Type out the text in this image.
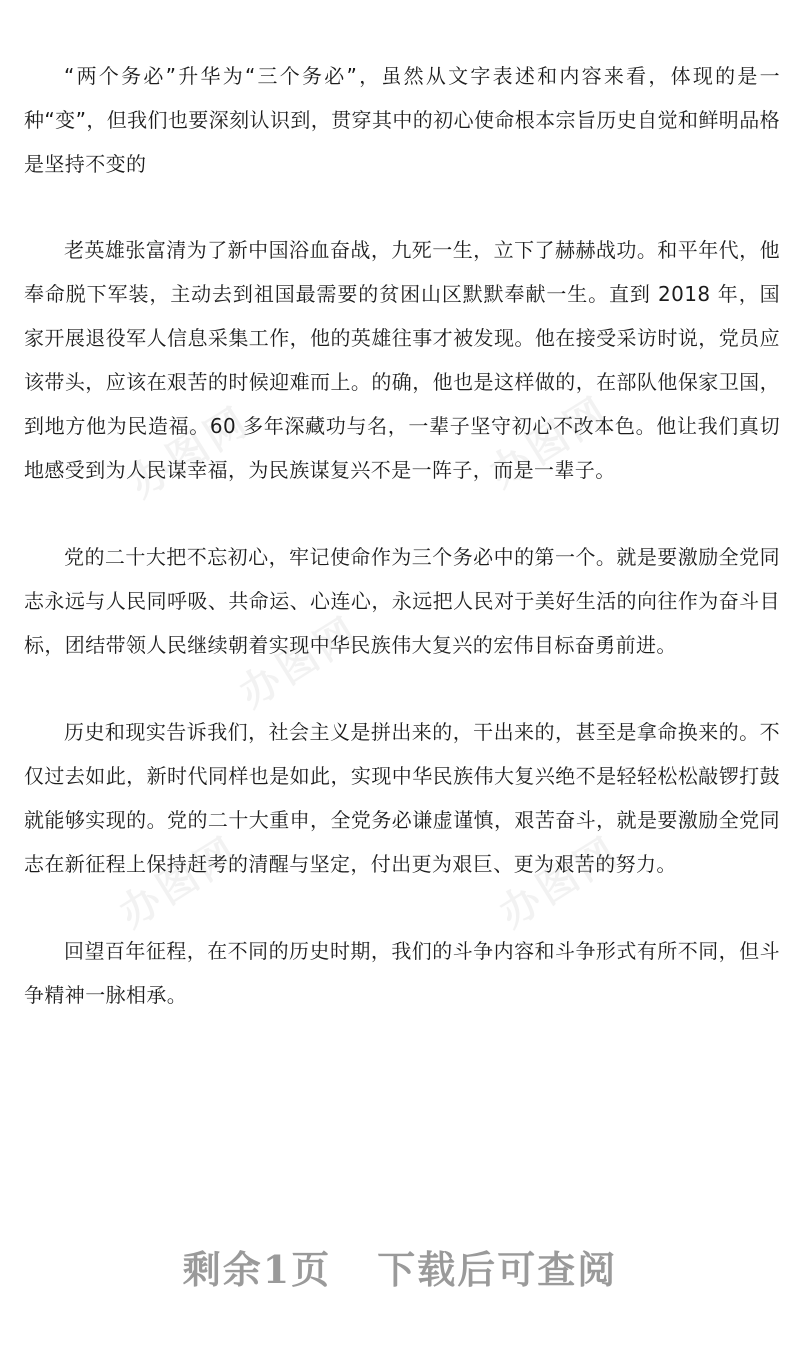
办图网	办图网
办图网
办图网	办图网

“两个务必”升华为“三个务必”，虽然从文字表述和内容来看，体现的是一种“变”，但我们也要深刻认识到，贯穿其中的初心使命根本宗旨历史自觉和鲜明品格是坚持不变的

老英雄张富清为了新中国浴血奋战，九死一生，立下了赫赫战功。和平年代，他奉命脱下军装，主动去到祖国最需要的贫困山区默默奉献一生。直到 2018 年，国家开展退役军人信息采集工作，他的英雄往事才被发现。他在接受采访时说，党员应该带头，应该在艰苦的时候迎难而上。的确，他也是这样做的，在部队他保家卫国，到地方他为民造福。60 多年深藏功与名，一辈子坚守初心不改本色。他让我们真切地感受到为人民谋幸福，为民族谋复兴不是一阵子，而是一辈子。

党的二十大把不忘初心，牢记使命作为三个务必中的第一个。就是要激励全党同志永远与人民同呼吸、共命运、心连心，永远把人民对于美好生活的向往作为奋斗目标，团结带领人民继续朝着实现中华民族伟大复兴的宏伟目标奋勇前进。

历史和现实告诉我们，社会主义是拼出来的，干出来的，甚至是拿命换来的。不仅过去如此，新时代同样也是如此，实现中华民族伟大复兴绝不是轻轻松松敲锣打鼓就能够实现的。党的二十大重申，全党务必谦虚谨慎，艰苦奋斗，就是要激励全党同志在新征程上保持赶考的清醒与坚定，付出更为艰巨、更为艰苦的努力。

回望百年征程，在不同的历史时期，我们的斗争内容和斗争形式有所不同，但斗争精神一脉相承。

剩余1页 下载后可查阅
